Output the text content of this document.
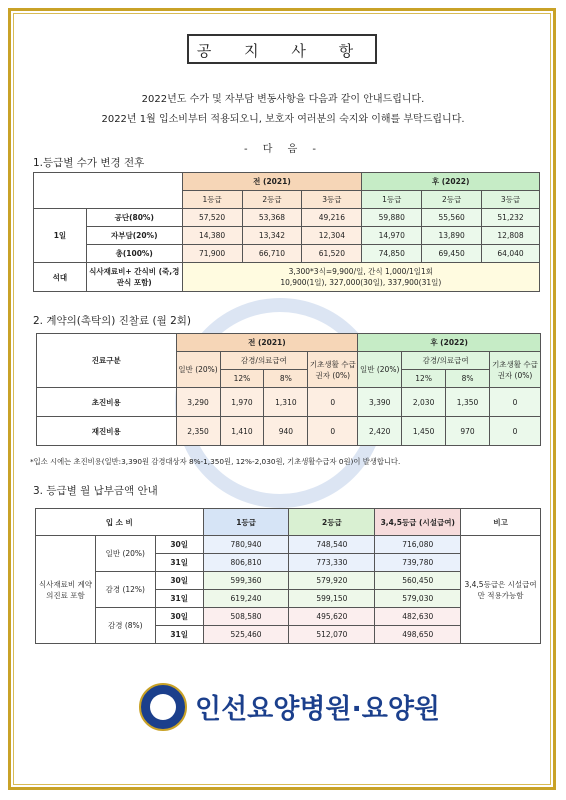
공 지 사 항
2022년도 수가 및 자부담 변동사항을 다음과 같이 안내드립니다.
2022년 1월 입소비부터 적용되오니, 보호자 여러분의 숙지와 이해를 부탁드립니다.
- 다 음 -
1.등급별 수가 변경 전후
		전 (2021)			후 (2022)		
		1등급	2등급	3등급	1등급	2등급	3등급
1일	공단(80%)	57,520	53,368	49,216	59,880	55,560	51,232
	자부담(20%)	14,380	13,342	12,304	14,970	13,890	12,808
	총(100%)	71,900	66,710	61,520	74,850	69,450	64,040
석대	식사재료비+ 간식비 (죽,경관식 포함)	3,300*3식=9,900/일, 간식 1,000/1일1회
10,900(1일), 327,000(30일), 337,900(31일)					
2. 계약의(촉탁의) 진찰료 (월 2회)
진료구분	전 (2021)				후 (2022)			
	일반 (20%)	감경/의료급여		기초생활 수급권자 (0%)	일반 (20%)	감경/의료급여		기초생활 수급권자 (0%)
		12%	8%			12%	8%	
초진비용	3,290	1,970	1,310	0	3,390	2,030	1,350	0
재진비용	2,350	1,410	940	0	2,420	1,450	970	0
*입소 시에는 초진비용(일반:3,390원 감경대상자 8%-1,350원, 12%-2,030원, 기초생활수급자 0원)이 발생합니다.
3. 등급별 월 납부금액 안내
입 소 비			1등급	2등급	3,4,5등급 (시설급여)	비고
식사재료비 계약의진료 포함	일반 (20%)	30일	780,940	748,540	716,080	3,4,5등급은 시설급여만 적용가능함
		31일	806,810	773,330	739,780	
	감경 (12%)	30일	599,360	579,920	560,450	
		31일	619,240	599,150	579,030	
	감경 (8%)	30일	508,580	495,620	482,630	
		31일	525,460	512,070	498,650	
인선요양병원·요양원
